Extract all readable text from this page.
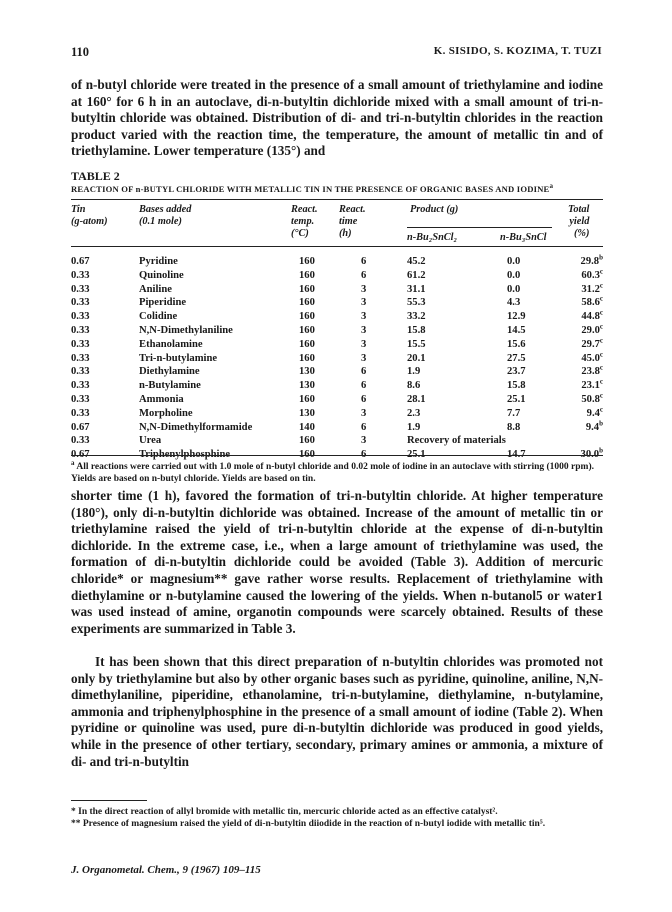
110	K. SISIDO, S. KOZIMA, T. TUZI

of n-butyl chloride were treated in the presence of a small amount of triethylamine and iodine at 160° for 6 h in an autoclave, di-n-butyltin dichloride mixed with a small amount of tri-n-butyltin chloride was obtained. Distribution of di- and tri-n-butyltin chlorides in the reaction product varied with the reaction time, the temperature, the amount of metallic tin and of triethylamine. Lower temperature (135°) and

TABLE 2
REACTION OF n-BUTYL CHLORIDE WITH METALLIC TIN IN THE PRESENCE OF ORGANIC BASES AND IODINE$^a$
Tin
(g-atom)
Bases added
(0.1 mole)
React.
temp.
(°C)
React.
time
(h)
Product (g)
n-Bu₂SnCl₂	n-Bu₃SnCl
Total
yield
(%)
0.67	Pyridine	160	6	45.2	0.0	29.8$^b$
0.33	Quinoline	160	6	61.2	0.0	60.3$^c$
0.33	Aniline	160	3	31.1	0.0	31.2$^c$
0.33	Piperidine	160	3	55.3	4.3	58.6$^c$
0.33	Colidine	160	3	33.2	12.9	44.8$^c$
0.33	N,N-Dimethylaniline	160	3	15.8	14.5	29.0$^c$
0.33	Ethanolamine	160	3	15.5	15.6	29.7$^c$
0.33	Tri-n-butylamine	160	3	20.1	27.5	45.0$^c$
0.33	Diethylamine	130	6	1.9	23.7	23.8$^c$
0.33	n-Butylamine	130	6	8.6	15.8	23.1$^c$
0.33	Ammonia	160	6	28.1	25.1	50.8$^c$
0.33	Morpholine	130	3	2.3	7.7	9.4$^c$
0.67	N,N-Dimethylformamide	140	6	1.9	8.8	9.4$^b$
0.33	Urea	160	3	Recovery of materials		
0.67	Triphenylphosphine	160	6	25.1	14.7	30.0$^b$
$^a$ All reactions were carried out with 1.0 mole of n-butyl chloride and 0.02 mole of iodine in an autoclave with stirring (1000 rpm). Yields are based on n-butyl chloride. Yields are based on tin.

shorter time (1 h), favored the formation of tri-n-butyltin chloride. At higher temperature (180°), only di-n-butyltin dichloride was obtained. Increase of the amount of metallic tin or triethylamine raised the yield of tri-n-butyltin chloride at the expense of di-n-butyltin dichloride. In the extreme case, i.e., when a large amount of triethylamine was used, the formation of di-n-butyltin dichloride could be avoided (Table 3). Addition of mercuric chloride* or magnesium** gave rather worse results. Replacement of triethylamine with diethylamine or n-butylamine caused the lowering of the yields. When n-butanol5 or water1 was used instead of amine, organotin compounds were scarcely obtained. Results of these experiments are summarized in Table 3.

It has been shown that this direct preparation of n-butyltin chlorides was promoted not only by triethylamine but also by other organic bases such as pyridine, quinoline, aniline, N,N-dimethylaniline, piperidine, ethanolamine, tri-n-butylamine, diethylamine, n-butylamine, ammonia and triphenylphosphine in the presence of a small amount of iodine (Table 2). When pyridine or quinoline was used, pure di-n-butyltin dichloride was produced in good yields, while in the presence of other tertiary, secondary, primary amines or ammonia, a mixture of di- and tri-n-butyltin

* In the direct reaction of allyl bromide with metallic tin, mercuric chloride acted as an effective catalyst².
** Presence of magnesium raised the yield of di-n-butyltin diiodide in the reaction of n-butyl iodide with metallic tin⁵.
J. Organometal. Chem., 9 (1967) 109–115
